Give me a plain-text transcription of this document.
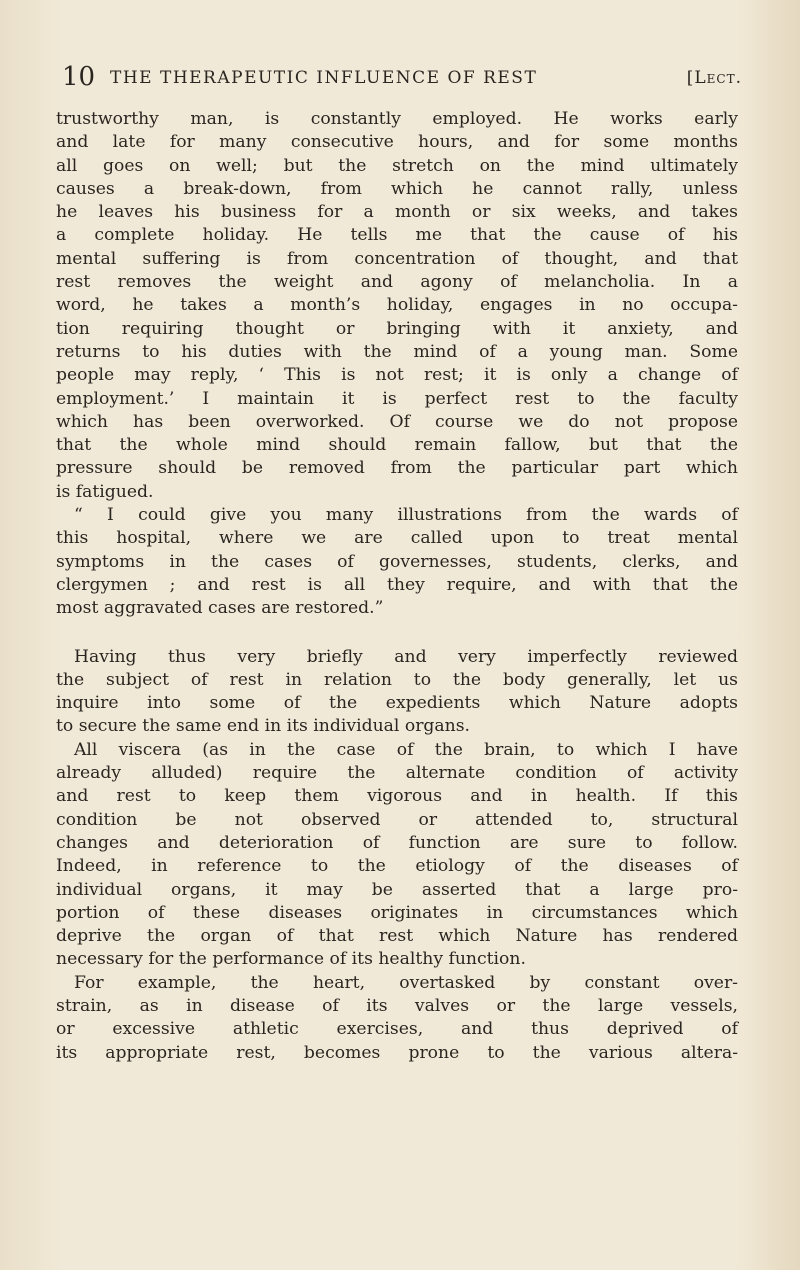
10 THE THERAPEUTIC INFLUENCE OF REST	[Lect.
trustworthy man, is constantly employed. He works early
and late for many consecutive hours, and for some months
all goes on well; but the stretch on the mind ultimately
causes a break-down, from which he cannot rally, unless
he leaves his business for a month or six weeks, and takes
a complete holiday. He tells me that the cause of his
mental suffering is from concentration of thought, and that
rest removes the weight and agony of melancholia. In a
word, he takes a month’s holiday, engages in no occupa-
tion requiring thought or bringing with it anxiety, and
returns to his duties with the mind of a young man. Some
people may reply, ‘ This is not rest; it is only a change of
employment.’ I maintain it is perfect rest to the faculty
which has been overworked. Of course we do not propose
that the whole mind should remain fallow, but that the
pressure should be removed from the particular part which
is fatigued.
“ I could give you many illustrations from the wards of
this hospital, where we are called upon to treat mental
symptoms in the cases of governesses, students, clerks, and
clergymen ; and rest is all they require, and with that the
most aggravated cases are restored.”
Having thus very briefly and very imperfectly reviewed
the subject of rest in relation to the body generally, let us
inquire into some of the expedients which Nature adopts
to secure the same end in its individual organs.
All viscera (as in the case of the brain, to which I have
already alluded) require the alternate condition of activity
and rest to keep them vigorous and in health. If this
condition be not observed or attended to, structural
changes and deterioration of function are sure to follow.
Indeed, in reference to the etiology of the diseases of
individual organs, it may be asserted that a large pro-
portion of these diseases originates in circumstances which
deprive the organ of that rest which Nature has rendered
necessary for the performance of its healthy function.
For example, the heart, overtasked by constant over-
strain, as in disease of its valves or the large vessels,
or excessive athletic exercises, and thus deprived of
its appropriate rest, becomes prone to the various altera-
